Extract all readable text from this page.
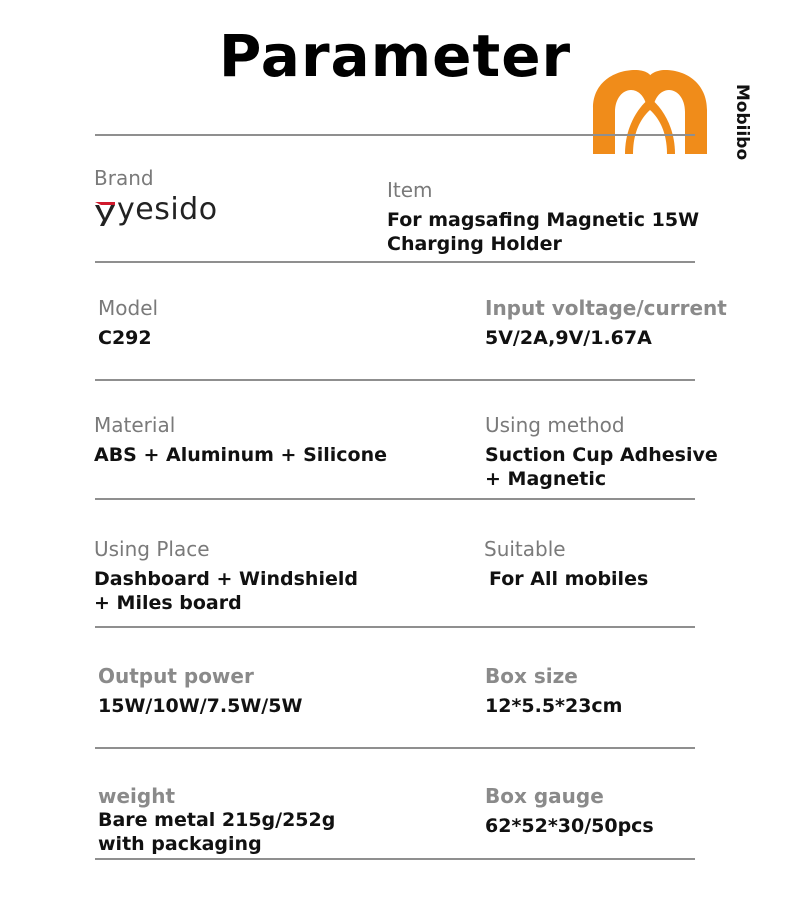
Parameter
Mobiibo
Brand
yesido
Item
For magsafing Magnetic 15W
Charging Holder
Model
C292
Input voltage/current
5V/2A,9V/1.67A
Material
ABS + Aluminum + Silicone
Using method
Suction Cup Adhesive
+ Magnetic
Using Place
Dashboard + Windshield
+ Miles board
Suitable
For All mobiles
Output power
15W/10W/7.5W/5W
Box size
12*5.5*23cm
weight
Bare metal 215g/252g
with packaging
Box gauge
62*52*30/50pcs
